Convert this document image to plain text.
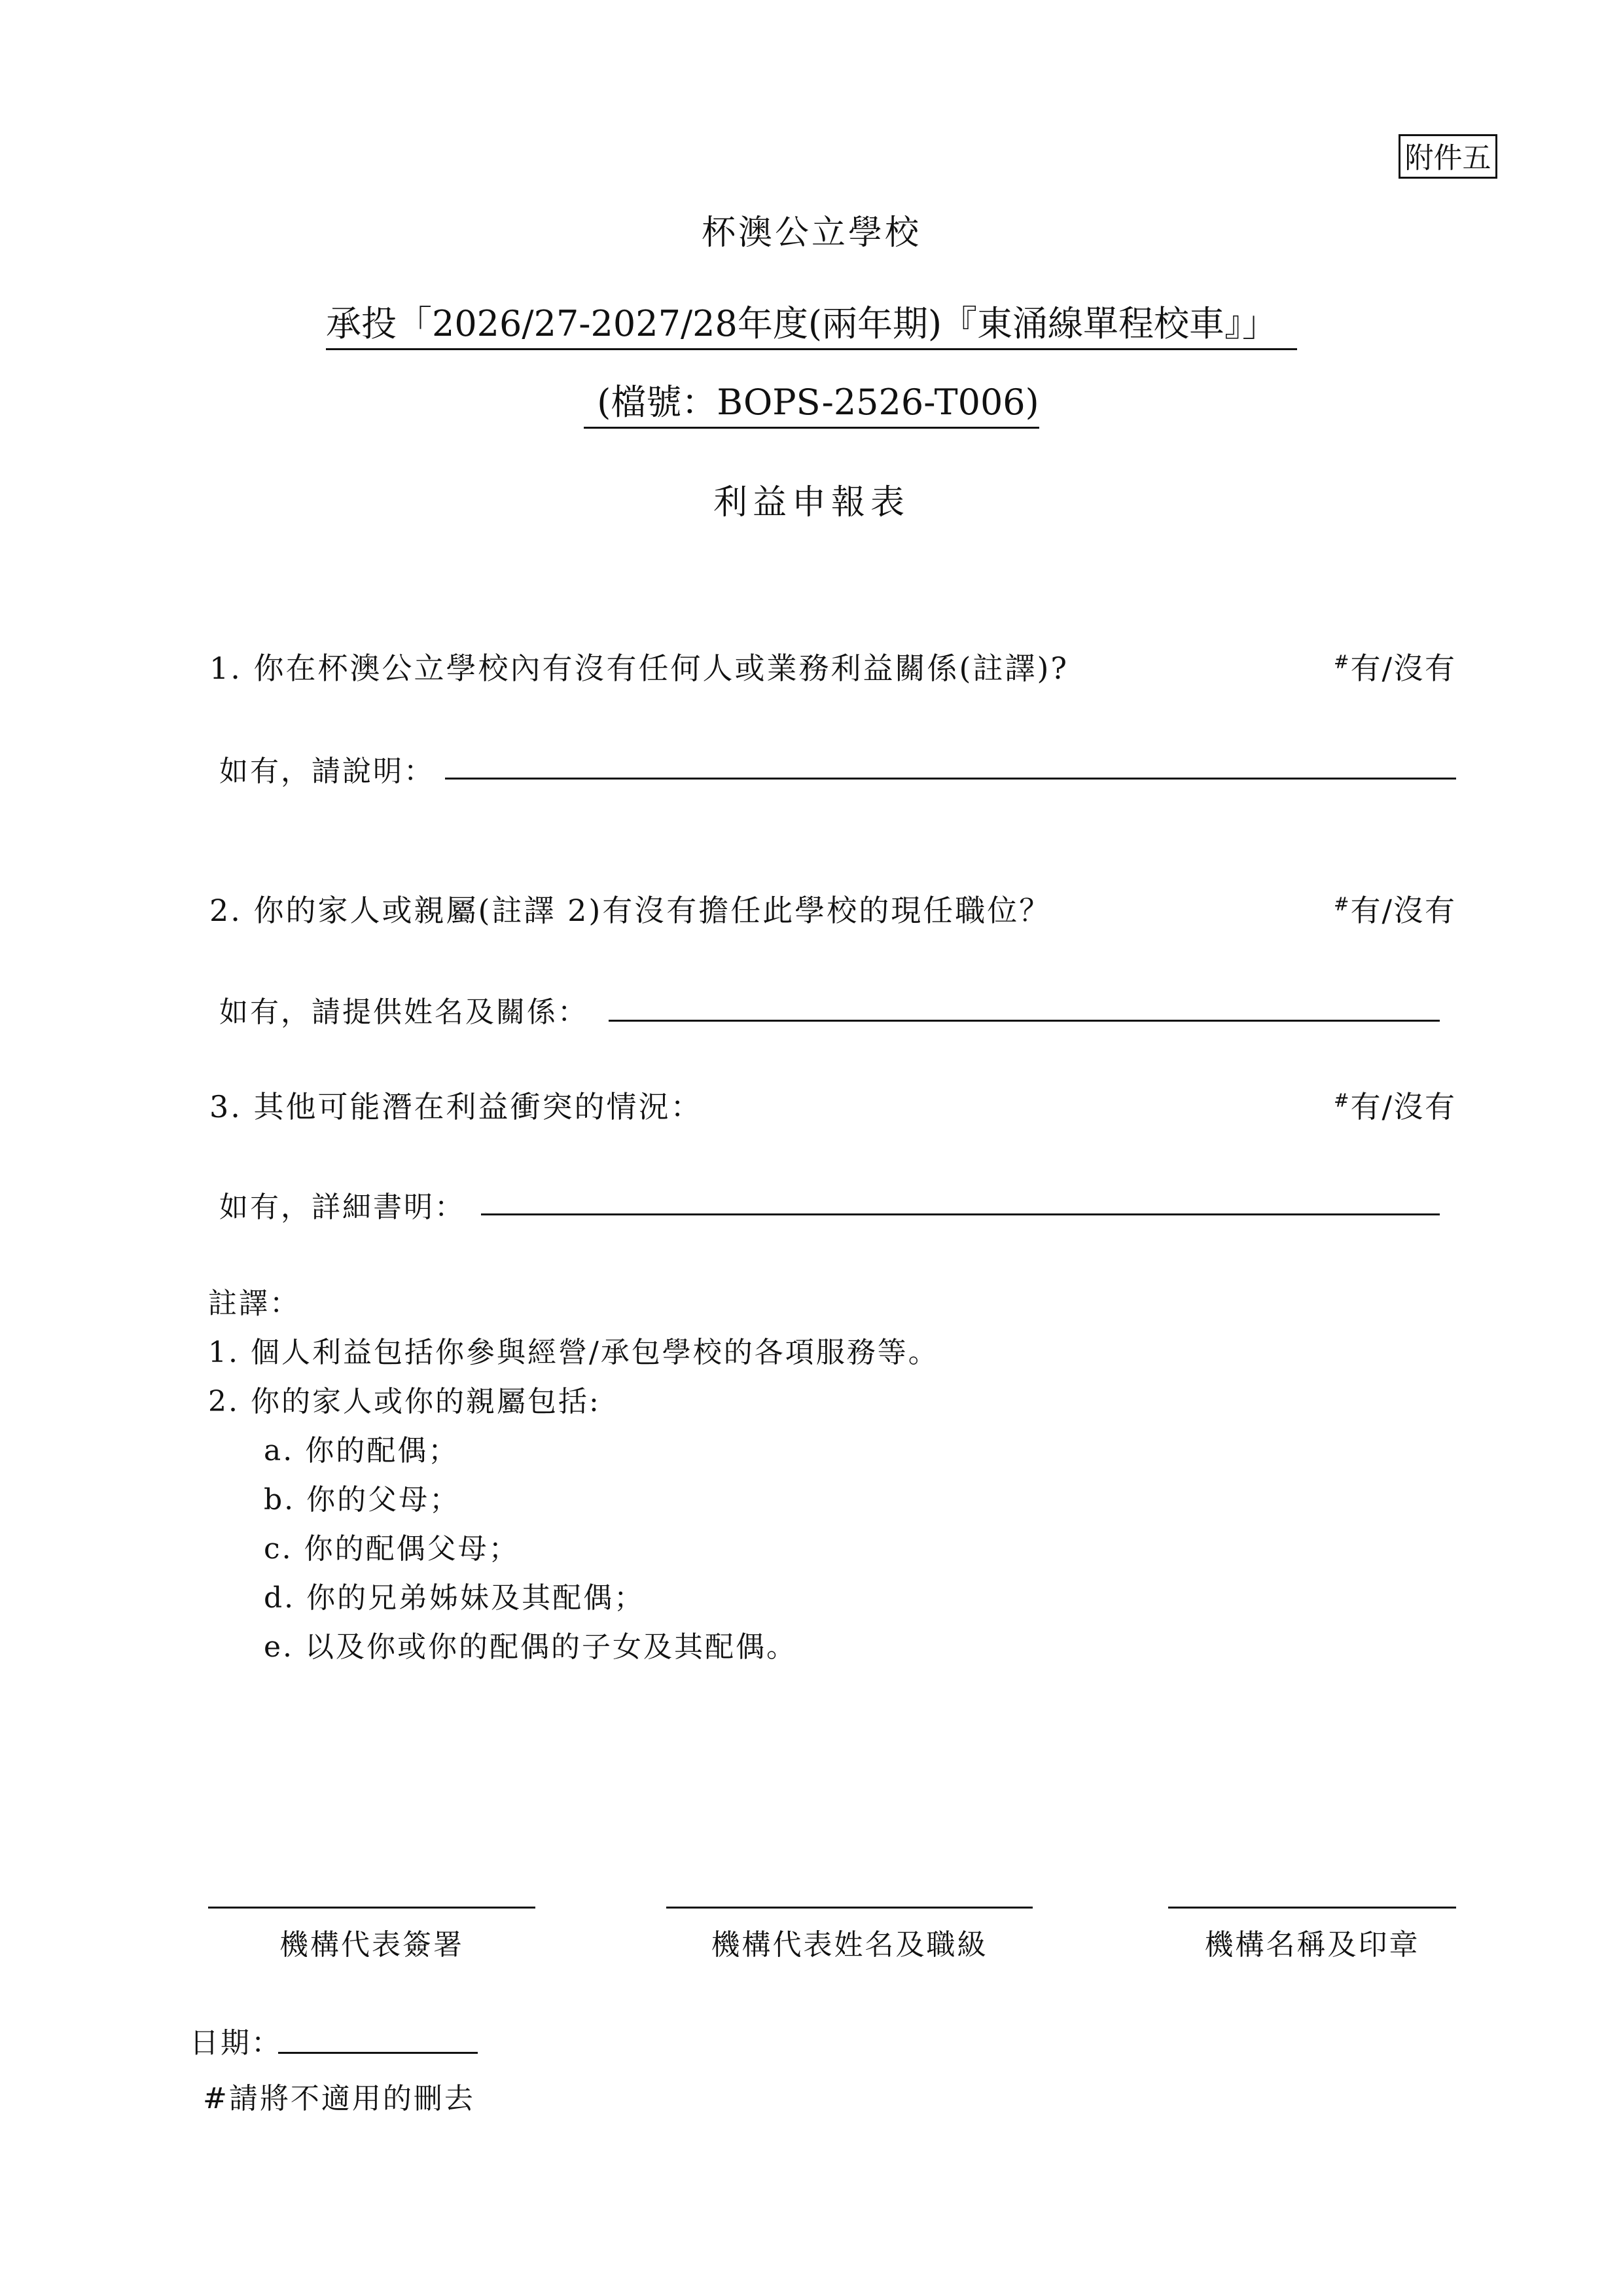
附件五
杯澳公立學校
承投「2026/27-2027/28年度(兩年期)『東涌線單程校車』」
(檔號：BOPS-2526-T006)
利益申報表
1. 你在杯澳公立學校內有沒有任何人或業務利益關係(註譯)?	#有/沒有
如有，請說明：
2. 你的家人或親屬(註譯 2)有沒有擔任此學校的現任職位？	#有/沒有
如有，請提供姓名及關係：
3. 其他可能潛在利益衝突的情況：	#有/沒有
如有，詳細書明：
註譯：
1. 個人利益包括你參與經營/承包學校的各項服務等。
2. 你的家人或你的親屬包括:
a. 你的配偶；
b. 你的父母；
c. 你的配偶父母；
d. 你的兄弟姊妹及其配偶；
e. 以及你或你的配偶的子女及其配偶。
機構代表簽署	機構代表姓名及職級	機構名稱及印章
日期：
#請將不適用的刪去
